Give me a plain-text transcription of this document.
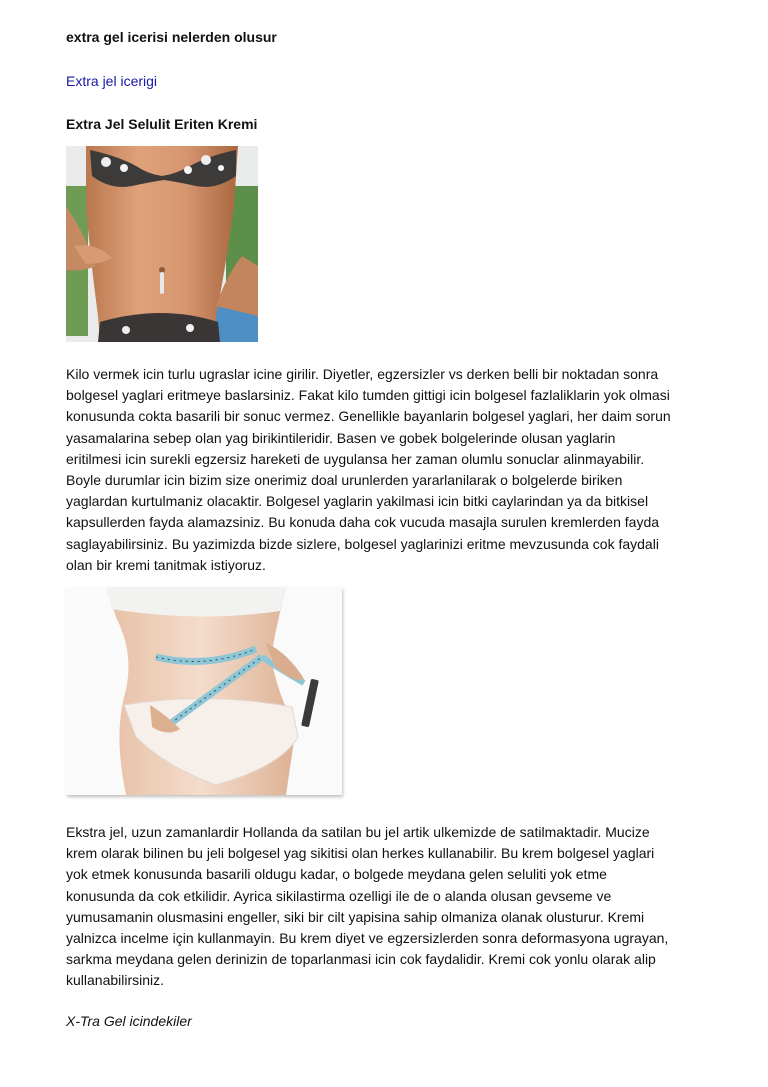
extra gel icerisi nelerden olusur
Extra jel icerigi
Extra Jel Selulit Eriten Kremi

Kilo vermek icin turlu ugraslar icine girilir. Diyetler, egzersizler vs derken belli bir noktadan sonra
bolgesel yaglari eritmeye baslarsiniz. Fakat kilo tumden gittigi icin bolgesel fazlaliklarin yok olmasi
konusunda cokta basarili bir sonuc vermez. Genellikle bayanlarin bolgesel yaglari, her daim sorun
yasamalarina sebep olan yag birikintileridir. Basen ve gobek bolgelerinde olusan yaglarin
eritilmesi icin surekli egzersiz hareketi de uygulansa her zaman olumlu sonuclar alinmayabilir.
Boyle durumlar icin bizim size onerimiz doal urunlerden yararlanilarak o bolgelerde biriken
yaglardan kurtulmaniz olacaktir. Bolgesel yaglarin yakilmasi icin bitki caylarindan ya da bitkisel
kapsullerden fayda alamazsiniz. Bu konuda daha cok vucuda masajla surulen kremlerden fayda
saglayabilirsiniz. Bu yazimizda bizde sizlere, bolgesel yaglarinizi eritme mevzusunda cok faydali
olan bir kremi tanitmak istiyoruz.

Ekstra jel, uzun zamanlardir Hollanda da satilan bu jel artik ulkemizde de satilmaktadir. Mucize
krem olarak bilinen bu jeli bolgesel yag sikitisi olan herkes kullanabilir. Bu krem bolgesel yaglari
yok etmek konusunda basarili oldugu kadar, o bolgede meydana gelen seluliti yok etme
konusunda da cok etkilidir. Ayrica sikilastirma ozelligi ile de o alanda olusan gevseme ve
yumusamanin olusmasini engeller, siki bir cilt yapisina sahip olmaniza olanak olusturur. Kremi
yalnizca incelme için kullanmayin. Bu krem diyet ve egzersizlerden sonra deformasyona ugrayan,
sarkma meydana gelen derinizin de toparlanmasi icin cok faydalidir. Kremi cok yonlu olarak alip
kullanabilirsiniz.

X-Tra Gel icindekiler
